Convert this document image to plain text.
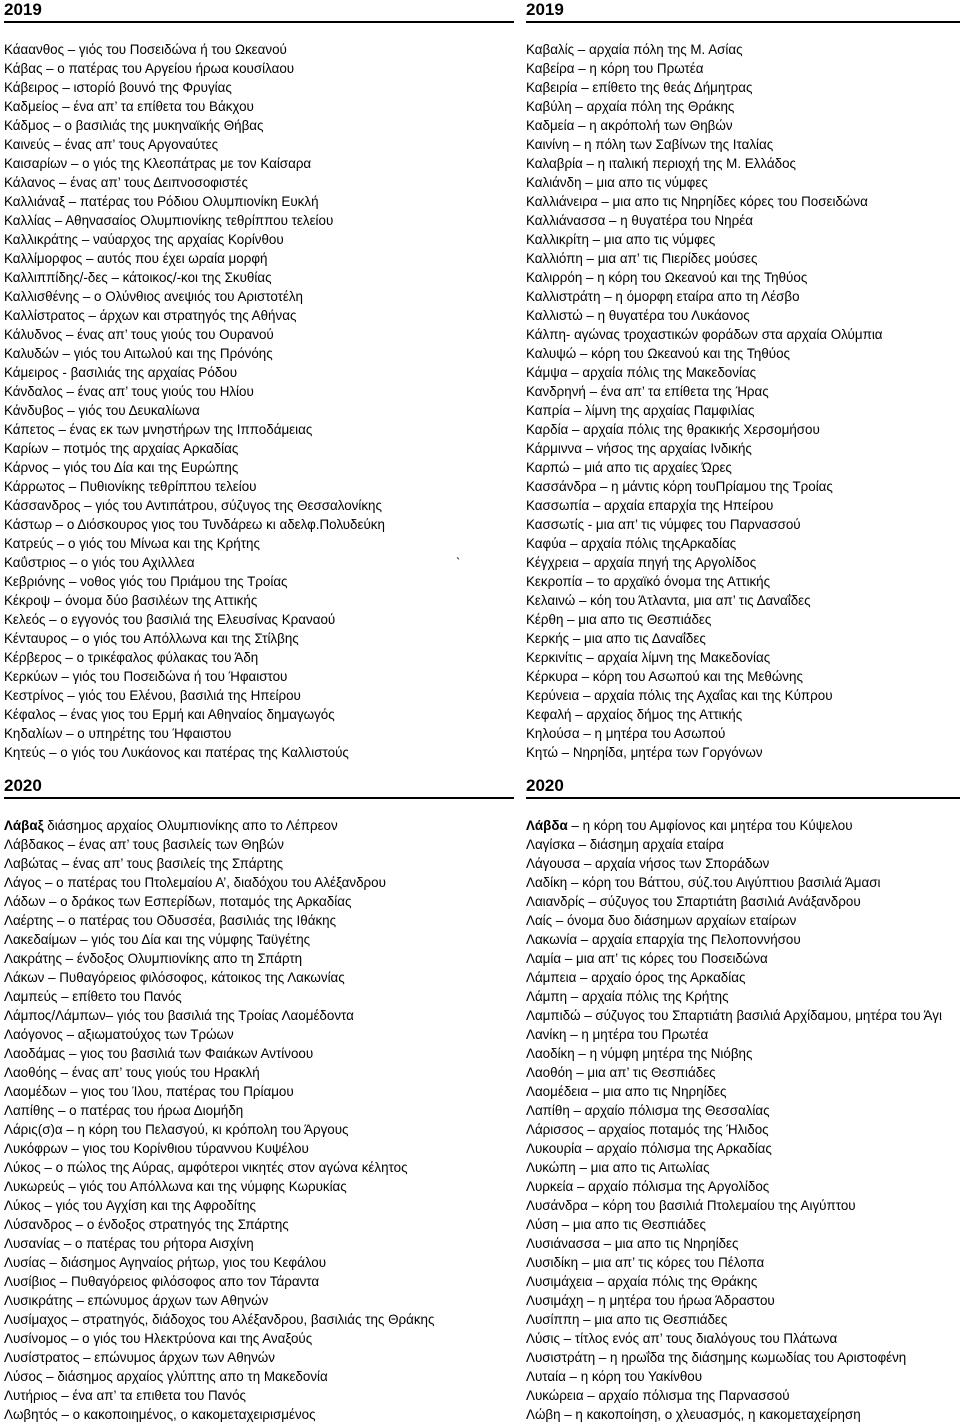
2019
Κάαανθος – γιός του Ποσειδώνα ή του Ωκεανού
Κάβας – ο πατέρας του Αργείου ήρωα κουσίλαου
Κάβειρος – ιστορίό βουνό της Φρυγίας
Καδμείος – ένα απ’ τα επίθετα του Βάκχου
Κάδμος – ο βασιλιάς της μυκηναϊκής Θήβας
Καινεύς – ένας απ’ τους Αργοναύτες
Καισαρίων – ο γιός της Κλεοπάτρας με τον Καίσαρα
Κάλανος – ένας απ’ τους Δειπνοσοφιστές
Καλλιάναξ – πατέρας του Ρόδιου Ολυμπιονίκη Ευκλή
Καλλίας – Αθηνασαίος Ολυμπιονίκης τεθρίππου τελείου
Καλλικράτης – ναύαρχος της αρχαίας Κορίνθου
Καλλίμορφος – αυτός που έχει ωραία μορφή
Καλλιππίδης/-δες – κάτοικος/-κοι της Σκυθίας
Καλλισθένης – ο Ολύνθιος ανεψιός του Αριστοτέλη
Καλλίστρατος – άρχων και στρατηγός της Αθήνας
Κάλυδνος – ένας απ’ τους γιούς του Ουρανού
Καλυδών – γιός του Αιτωλού και της Πρόνόης
Κάμειρος - βασιλιάς της αρχαίας Ρόδου
Κάνδαλος – ένας απ’ τους γιούς του Ηλίου
Κάνδυβος – γιός του Δευκαλίωνα
Κάπετος – ένας εκ των μνηστήρων της Ιπποδάμειας
Καρίων – ποτμός της αρχαίας Αρκαδίας
Κάρνος – γιός του Δία και της Ευρώπης
Κάρρωτος – Πυθιονίκης τεθρίππου τελείου
Κάσσανδρος – γιός του Αντιπάτρου, σύζυγος της Θεσσαλονίκης
Κάστωρ – ο Διόσκουρος γιος του Τυνδάρεω κι αδελφ.Πολυδεύκη
Κατρεύς – ο γιός του Μίνωα και της Κρήτης
Καΰστριος – ο γιός του Αχιλλλεα
Κεβριόνης – νοθος γιός του Πριάμου της Τροίας
Κέκροψ – όνομα δύο βασιλέων της Αττικής
Κελεός – ο εγγονός του βασιλιά της Ελευσίνας Κραναού
Κένταυρος – ο γιός του Απόλλωνα και της Στίλβης
Κέρβερος – ο τρικέφαλος φύλακας του Άδη
Κερκύων – γιός του Ποσειδώνα ή του Ήφαιστου
Κεστρίνος – γιός του Ελένου, βασιλιά της Ηπείρου
Κέφαλος – ένας γιος του Ερμή και Αθηναίος δημαγωγός
Κηδαλίων – ο υπηρέτης του Ήφαιστου
Κητεύς – ο γιός του Λυκάονος και πατέρας της Καλλιστούς
2019
Καβαλίς – αρχαία πόλη της Μ. Ασίας
Καβείρα – η κόρη του Πρωτέα
Καβειρία – επίθετο της θεάς Δήμητρας
Καβύλη – αρχαία πόλη της Θράκης
Καδμεία – η ακρόπολή των Θηβών
Καινίνη – η πόλη των Σαβίνων της Ιταλίας
Καλαβρία – η ιταλική περιοχή της Μ. Ελλάδος
Καλιάνδη – μια απο τις νύμφες
Καλλιάνειρα – μια απο τις Νηρηίδες κόρες του Ποσειδώνα
Καλλιάνασσα – η θυγατέρα του Νηρέα
Καλλικρίτη – μια απο τις νύμφες
Καλλιόπη – μια απ’ τις Πιερίδες μούσες
Καλιρρόη – η κόρη του Ωκεανού και της Τηθύος
Καλλιστράτη – η όμορφη εταίρα απο τη Λέσβο
Καλλιστώ – η θυγατέρα του Λυκάονος
Κάλπη- αγώνας τροχαστικών φοράδων στα αρχαία Ολύμπια
Καλυψώ – κόρη του Ωκεανού και της Τηθύος
Κάμψα – αρχαία πόλις της Μακεδονίας
Κανδρηνή – ένα απ’ τα επίθετα της Ήρας
Καπρία – λίμνη της αρχαίας Παμφιλίας
Καρδία – αρχαία πόλις της θρακικής Χερσομήσου
Κάρμιννα – νήσος της αρχαίας Ινδικής
Καρπώ – μιά απο τις αρχαίες Ώρες
Κασσάνδρα – η μάντις κόρη τουΠρίαμου της Τροίας
Κασσωπία – αρχαία επαρχία της Ηπείρου
Κασσωτίς - μια απ’ τις νύμφες του Παρνασσού
Καφύα – αρχαία πόλις τηςΑρκαδίας
Κέγχρεια – αρχαία πηγή της Αργολίδος
Κεκροπία – το αρχαϊκό όνομα της Αττικής
Κελαινώ – κόη του Άτλαντα, μια απ’ τις Δαναΐδες
Κέρθη – μια απο τις Θεσπιάδες
Κερκής – μια απο τις Δαναΐδες
Κερκινίτις – αρχαία λίμνη της Μακεδονίας
Κέρκυρα – κόρη του Ασωπού και της Μεθώνης
Κερύνεια – αρχαία πόλις της Αχαΐας και της Κύπρου
Κεφαλή – αρχαίος δήμος της Αττικής
Κηλούσα – η μητέρα του Ασωπού
Κητώ – Νηρηίδα, μητέρα των Γοργόνων
`
2020
Λάβαξ διάσημος αρχαίος Ολυμπιονίκης απο το Λέπρεον
Λάβδακος – ένας απ’ τους βασιλείς των Θηβών
Λαβώτας – ένας απ’ τους βασιλείς της Σπάρτης
Λάγος – ο πατέρας του Πτολεμαίου Α’, διαδόχου του Αλέξανδρου
Λάδων – ο δράκος των Εσπερίδων, ποταμός της Αρκαδίας
Λαέρτης – ο πατέρας του Οδυσσέα, βασιλιάς της Ιθάκης
Λακεδαίμων – γιός του Δία και της νύμφης Ταϋγέτης
Λακράτης – ένδοξος Ολυμπιονίκης απο τη Σπάρτη
Λάκων – Πυθαγόρειος φιλόσοφος, κάτοικος της Λακωνίας
Λαμπεύς – επίθετο του Πανός
Λάμπος/Λάμπων– γιός του βασιλιά της Τροίας Λαομέδοντα
Λαόγονος – αξιωματούχος των Τρώων
Λαοδάμας – γιος του βασιλιά των Φαιάκων Αντίνοου
Λαοθόης – ένας απ’ τους γιούς του Ηρακλή
Λαομέδων – γιος του Ίλου, πατέρας του Πρίαμου
Λαπίθης – ο πατέρας του ήρωα Διομήδη
Λάρις(σ)α – η κόρη του Πελασγού, κι κρόπολη του Άργους
Λυκόφρων – γιος του Κορίνθιου τύραννου Κυψέλου
Λύκος – ο πώλος της Αύρας, αμφότεροι νικητές στον αγώνα κέλητος
Λυκωρεύς – γιός του Απόλλωνα και της νύμφης Κωρυκίας
Λύκος – γιός του Αγχίση και της Αφροδίτης
Λύσανδρος – ο ένδοξος στρατηγός της Σπάρτης
Λυσανίας – ο πατέρας του ρήτορα Αισχίνη
Λυσίας – διάσημος Αγηναίος ρήτωρ, γιος του Κεφάλου
Λυσίβιος – Πυθαγόρειος φιλόσοφος απο τον Τάραντα
Λυσικράτης – επώνυμος άρχων των Αθηνών
Λυσίμαχος – στρατηγός, διάδοχος του Αλέξανδρου, βασιλιάς της Θράκης
Λυσίνομος – ο γιός του Ηλεκτρύονα και της Αναξούς
Λυσίστρατος – επώνυμος άρχων των Αθηνών
Λύσος – διάσημος αρχαίος γλύπτης απο τη Μακεδονία
Λυτήριος – ένα απ’ τα επιθετα του Πανός
Λωβητός – ο κακοποιημένος, ο κακομεταχειρισμένος
2020
Λάβδα – η κόρη του Αμφίονος και μητέρα του Κύψελου
Λαγίσκα – διάσημη αρχαία εταίρα
Λάγουσα – αρχαία νήσος των Σποράδων
Λαδίκη – κόρη του Βάττου, σύζ.του Αιγύπτιου βασιλιά Άμασι
Λαιανδρίς – σύζυγος του Σπαρτιάτη βασιλιά Ανάξανδρου
Λαίς – όνομα δυο διάσημων αρχαίων εταίρων
Λακωνία – αρχαία επαρχία της Πελοποννήσου
Λαμία – μια απ’ τις κόρες του Ποσειδώνα
Λάμπεια – αρχαίο όρος της Αρκαδίας
Λάμπη – αρχαία πόλις της Κρήτης
Λαμπιδώ – σύζυγος του Σπαρτιάτη βασιλιά Αρχίδαμου, μητέρα του Άγι
Λανίκη – η μητέρα του Πρωτέα
Λαοδίκη – η νύμφη μητέρα της Νιόβης
Λαοθόη – μια απ’ τις Θεσπιάδες
Λαομέδεια – μια απο τις Νηρηίδες
Λαπίθη – αρχαίο πόλισμα της Θεσσαλίας
Λάρισσος – αρχαίος ποταμός της Ήλιδος
Λυκουρία – αρχαίο πόλισμα της Αρκαδίας
Λυκώπη – μια απο τις Αιτωλίας
Λυρκεία – αρχαίο πόλισμα της Αργολίδος
Λυσάνδρα – κόρη του βασιλιά Πτολεμαίου της Αιγύπτου
Λύση – μια απο τις Θεσπιάδες
Λυσιάνασσα – μια απο τις Νηρηίδες
Λυσιδίκη – μια απ’ τις κόρες του Πέλοπα
Λυσιμάχεια – αρχαία πόλις της Θράκης
Λυσιμάχη – η μητέρα του ήρωα Άδραστου
Λυσίππη – μια απο τις Θεσπιάδες
Λύσις – τίτλος ενός απ’ τους διαλόγους του Πλάτωνα
Λυσιστράτη – η ηρωΐδα της διάσημης κωμωδίας του Αριστοφένη
Λυταία – η κόρη του Υακίνθου
Λυκώρεια – αρχαίο πόλισμα της Παρνασσού
Λώβη – η κακοποίηση, ο χλευασμός, η κακομεταχείρηση
